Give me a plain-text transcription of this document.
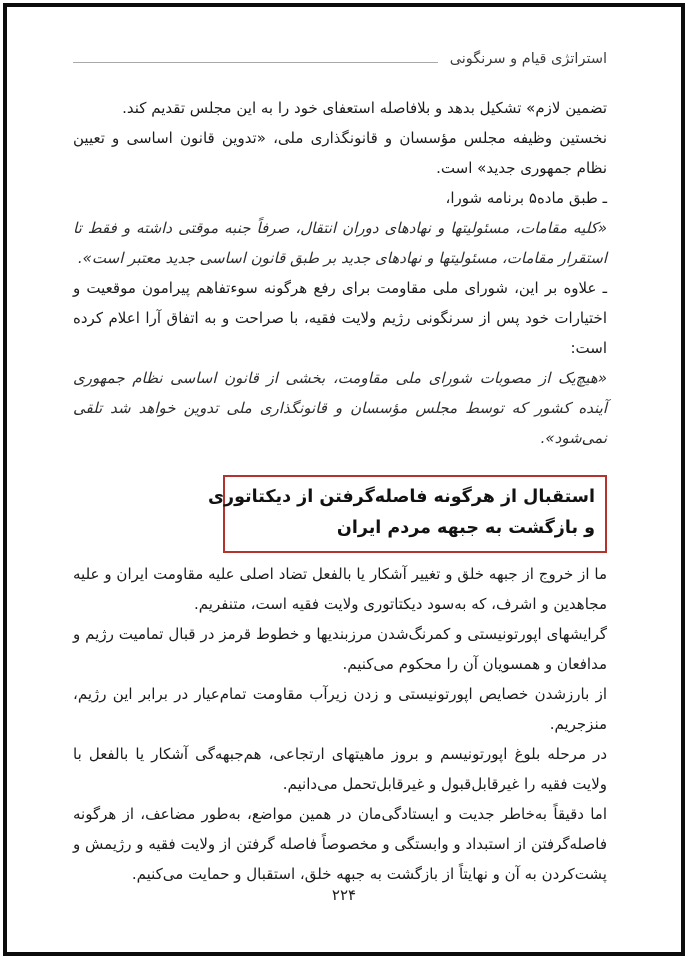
استراتژی قیام و سرنگونی

تضمین لازم» تشکیل بدهد و بلافاصله استعفای خود را به این مجلس تقدیم کند.

نخستین وظیفه مجلس مؤسسان و قانونگذاری ملی، «تدوین قانون اساسی و تعیین نظام جمهوری جدید» است.

ـ طبق ماده۵ برنامه شورا،

«کلیه مقامات، مسئولیتها و نهادهای دوران انتقال، صرفاً جنبه موقتی داشته و فقط تا استقرار مقامات، مسئولیتها و نهادهای جدید بر طبق قانون اساسی جدید معتبر است».

ـ علاوه بر این، شورای ملی مقاومت برای رفع هرگونه سوءتفاهم پیرامون موقعیت و اختیارات خود پس از سرنگونی رژیم ولایت فقیه، با صراحت و به اتفاق آرا اعلام کرده است:

«هیچ‌یک از مصوبات شورای ملی مقاومت، بخشی از قانون اساسی نظام جمهوری آینده کشور که توسط مجلس مؤسسان و قانونگذاری ملی تدوین خواهد شد تلقی نمی‌شود».

استقبال از هرگونه فاصله‌گرفتن از دیکتاتوری
و بازگشت به جبهه مردم ایران

ما از خروج از جبهه خلق و تغییر آشکار یا بالفعل تضاد اصلی علیه مقاومت ایران و علیه مجاهدین و اشرف، که به‌سود دیکتاتوری ولایت فقیه است، متنفریم.

گرایشهای اپورتونیستی و کمرنگ‌شدن مرزبندیها و خطوط قرمز در قبال تمامیت رژیم و مدافعان و همسویان آن را محکوم می‌کنیم.

از بارزشدن خصایص اپورتونیستی و زدن زیرآب مقاومت تمام‌عیار در برابر این رژیم، منزجریم.

در مرحله بلوغ اپورتونیسم و بروز ماهیتهای ارتجاعی، هم‌جبهه‌گی آشکار یا بالفعل با ولایت فقیه را غیرقابل‌قبول و غیرقابل‌تحمل می‌دانیم.

اما دقیقاً به‌خاطر جدیت و ایستادگی‌مان در همین مواضع، به‌طور مضاعف، از هرگونه فاصله‌گرفتن از استبداد و وابستگی و مخصوصاً فاصله گرفتن از ولایت فقیه و رژیمش و پشت‌کردن به آن و نهایتاً از بازگشت به جبهه خلق، استقبال و حمایت می‌کنیم.

۲۲۴
